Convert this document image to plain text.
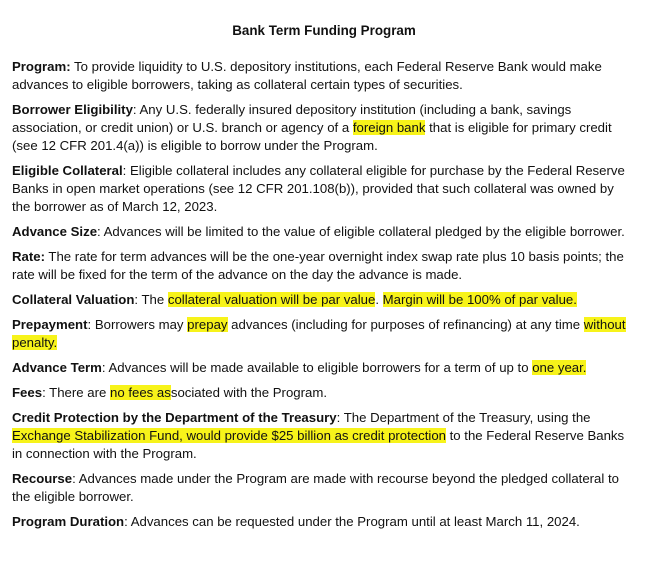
Bank Term Funding Program
Program: To provide liquidity to U.S. depository institutions, each Federal Reserve Bank would make advances to eligible borrowers, taking as collateral certain types of securities.
Borrower Eligibility: Any U.S. federally insured depository institution (including a bank, savings association, or credit union) or U.S. branch or agency of a foreign bank that is eligible for primary credit (see 12 CFR 201.4(a)) is eligible to borrow under the Program.
Eligible Collateral: Eligible collateral includes any collateral eligible for purchase by the Federal Reserve Banks in open market operations (see 12 CFR 201.108(b)), provided that such collateral was owned by the borrower as of March 12, 2023.
Advance Size: Advances will be limited to the value of eligible collateral pledged by the eligible borrower.
Rate: The rate for term advances will be the one-year overnight index swap rate plus 10 basis points; the rate will be fixed for the term of the advance on the day the advance is made.
Collateral Valuation: The collateral valuation will be par value. Margin will be 100% of par value.
Prepayment: Borrowers may prepay advances (including for purposes of refinancing) at any time without penalty.
Advance Term: Advances will be made available to eligible borrowers for a term of up to one year.
Fees: There are no fees associated with the Program.
Credit Protection by the Department of the Treasury: The Department of the Treasury, using the Exchange Stabilization Fund, would provide $25 billion as credit protection to the Federal Reserve Banks in connection with the Program.
Recourse: Advances made under the Program are made with recourse beyond the pledged collateral to the eligible borrower.
Program Duration: Advances can be requested under the Program until at least March 11, 2024.
